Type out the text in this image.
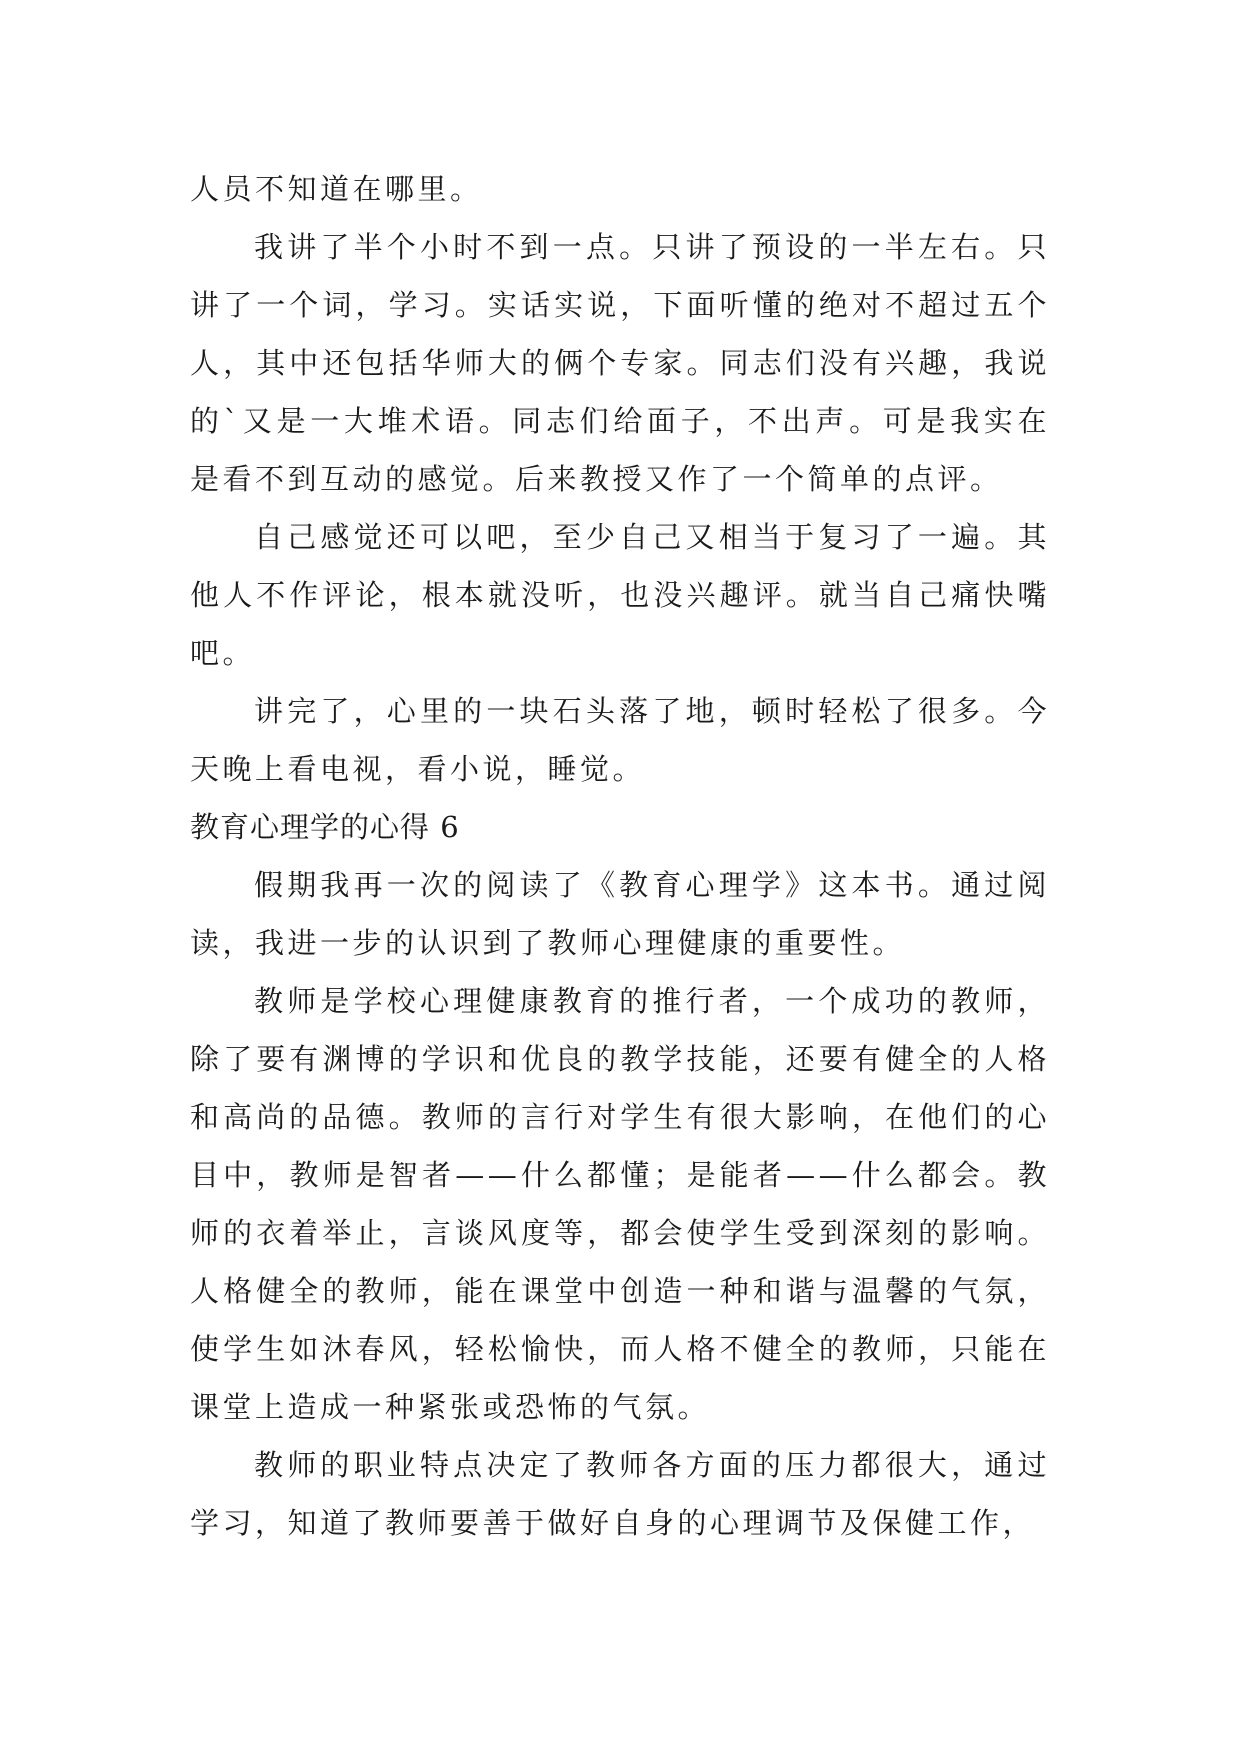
人员不知道在哪里。

我讲了半个小时不到一点。只讲了预设的一半左右。只讲了一个词，学习。实话实说，下面听懂的绝对不超过五个人，其中还包括华师大的俩个专家。同志们没有兴趣，我说的`又是一大堆术语。同志们给面子，不出声。可是我实在是看不到互动的感觉。后来教授又作了一个简单的点评。

自己感觉还可以吧，至少自己又相当于复习了一遍。其他人不作评论，根本就没听，也没兴趣评。就当自己痛快嘴吧。

讲完了，心里的一块石头落了地，顿时轻松了很多。今天晚上看电视，看小说，睡觉。

教育心理学的心得 6

假期我再一次的阅读了《教育心理学》这本书。通过阅读，我进一步的认识到了教师心理健康的重要性。

教师是学校心理健康教育的推行者，一个成功的教师，除了要有渊博的学识和优良的教学技能，还要有健全的人格和高尚的品德。教师的言行对学生有很大影响，在他们的心目中，教师是智者——什么都懂；是能者——什么都会。教师的衣着举止，言谈风度等，都会使学生受到深刻的影响。人格健全的教师，能在课堂中创造一种和谐与温馨的气氛，使学生如沐春风，轻松愉快，而人格不健全的教师，只能在课堂上造成一种紧张或恐怖的气氛。

教师的职业特点决定了教师各方面的压力都很大，通过学习，知道了教师要善于做好自身的心理调节及保健工作，
